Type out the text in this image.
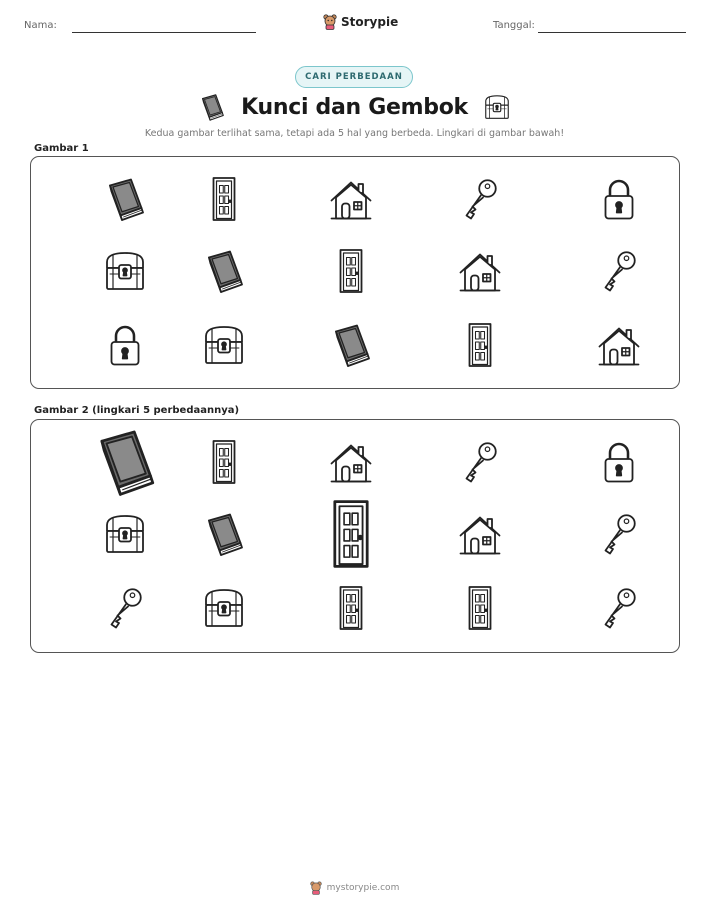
Nama:	Storypie	Tanggal:
CARI PERBEDAAN
Kunci dan Gembok
Kedua gambar terlihat sama, tetapi ada 5 hal yang berbeda. Lingkari di gambar bawah!
Gambar 1
Gambar 2 (lingkari 5 perbedaannya)
mystorypie.com
